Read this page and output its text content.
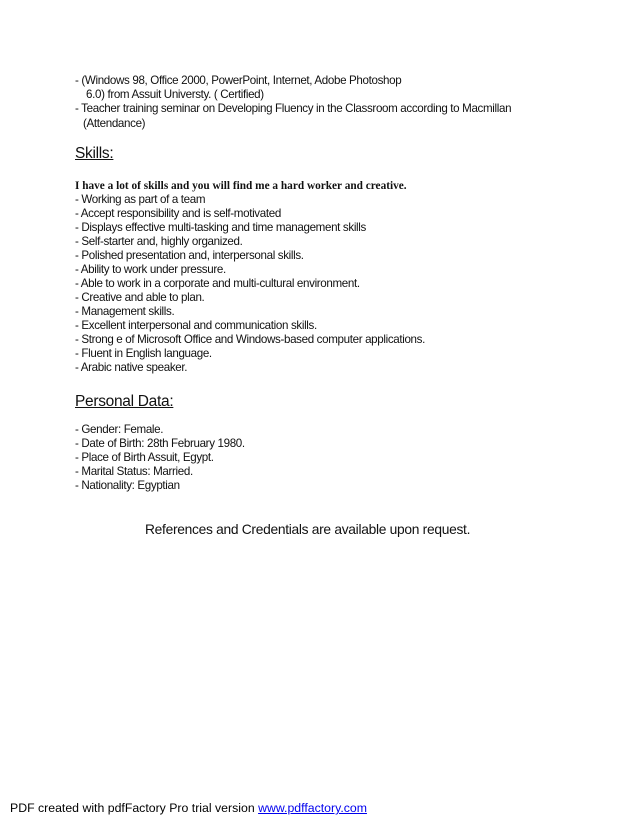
- (Windows 98, Office 2000, PowerPoint, Internet, Adobe Photoshop
6.0) from Assuit Universty. ( Certified)
- Teacher training seminar on Developing Fluency in the Classroom according to Macmillan
(Attendance)
Skills:
I have a lot of skills and you will find me a hard worker and creative.
- Working as part of a team
- Accept responsibility and is self-motivated
- Displays effective multi-tasking and time management skills
- Self-starter and, highly organized.
- Polished presentation and, interpersonal skills.
- Ability to work under pressure.
- Able to work in a corporate and multi-cultural environment.
- Creative and able to plan.
- Management skills.
- Excellent interpersonal and communication skills.
- Strong e of Microsoft Office and Windows-based computer applications.
- Fluent in English language.
- Arabic native speaker.
Personal Data:
- Gender: Female.
- Date of Birth: 28th February 1980.
- Place of Birth Assuit, Egypt.
- Marital Status: Married.
- Nationality: Egyptian
References and Credentials are available upon request.
PDF created with pdfFactory Pro trial version www.pdffactory.com
